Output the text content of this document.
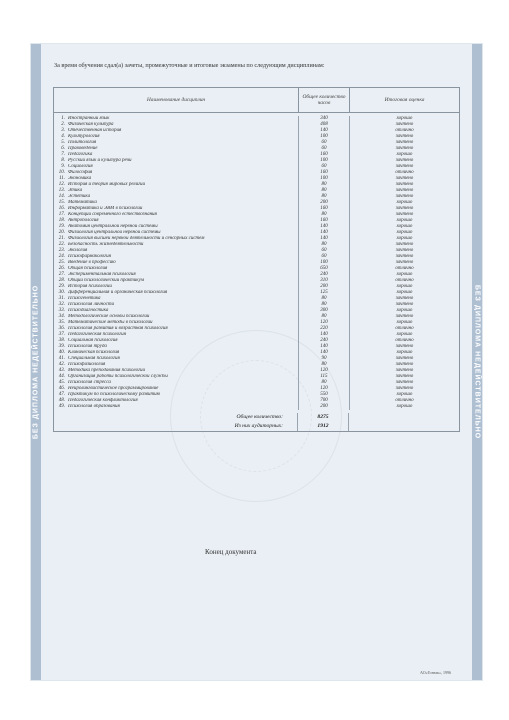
БЕЗ ДИПЛОМА НЕДЕЙСТВИТЕЛЬНО	БЕЗ ДИПЛОМА НЕДЕЙСТВИТЕЛЬНО
За время обучения сдал(а) зачеты, промежуточные и итоговые экзамены по следующим дисциплинам:
Наименование дисциплин	Общее количество часов	Итоговая оценка
1. Иностранный язык	340	хорошо
2. Физическая культура	408	зачтено
3. Отечественная история	140	отлично
4. Культурология	100	зачтено
5. Политология	60	зачтено
6. Правоведение	60	зачтено
7. Педагогика	160	хорошо
8. Русский язык и культура речи	100	зачтено
9. Социология	60	зачтено
10. Философия	160	отлично
11. Экономика	100	зачтено
12. История и теория мировых религий	80	зачтено
13. Этика	80	зачтено
14. Эстетика	80	зачтено
15. Математика	200	хорошо
16. Информатика и ЭВМ в психологии	160	зачтено
17. Концепции современного естествознания	80	зачтено
18. Антропология	160	хорошо
19. Анатомия центральной нервной системы	140	хорошо
20. Физиология центральной нервной системы	140	хорошо
21. Физиология высшей нервной деятельности и сенсорных систем	140	хорошо
22. Безопасность жизнедеятельности	80	зачтено
23. Экология	60	зачтено
24. Психофармакология	60	зачтено
25. Введение в профессию	100	зачтено
26. Общая психология	650	отлично
27. Экспериментальная психология	240	хорошо
28. Общий психологический практикум	310	отлично
29. История психологии	200	хорошо
30. Дифференциальная и органическая психология	125	хорошо
31. Психогенетика	80	зачтено
32. Психология личности	80	зачтено
33. Психодиагностика	300	хорошо
34. Методологические основы психологии	80	зачтено
35. Математические методы в психологии	120	хорошо
36. Психология развития и возрастная психология	220	отлично
37. Педагогическая психология	140	хорошо
38. Социальная психология	240	отлично
39. Психология труда	140	зачтено
40. Клиническая психология	140	хорошо
41. Специальная психология	90	зачтено
42. Психофизиология	80	зачтено
43. Методика преподавания психологии	120	зачтено
44. Организация работы психологической службы	115	зачтено
45. Психология стресса	80	зачтено
46. Нейролингвистическое программирование	120	зачтено
47. Практикум по психологическому развитию	550	хорошо
48. Педагогическая конфликтология	700	отлично
49. Психология образования	200	хорошо
Общее количество:	8275
Из них аудиторных:	1912
Конец документа
АО«Гознак», 1996
